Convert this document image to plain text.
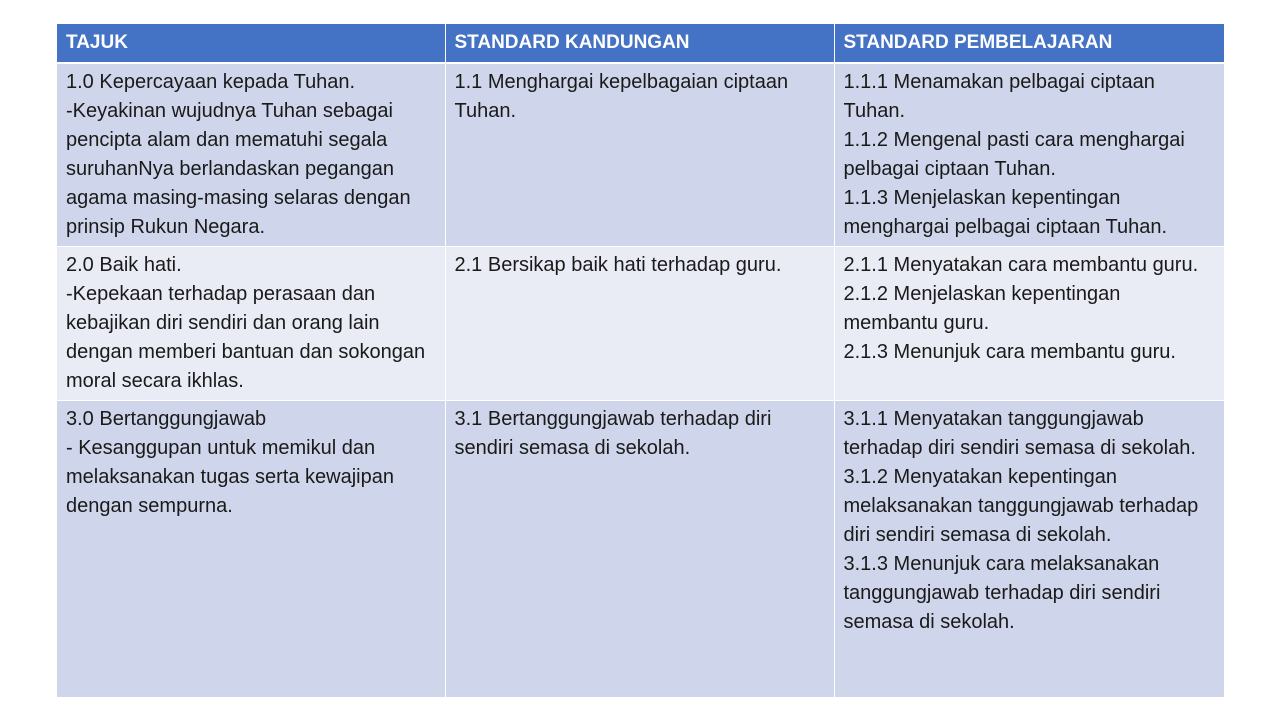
TAJUK	STANDARD KANDUNGAN	STANDARD PEMBELAJARAN

1.0 Kepercayaan kepada Tuhan.
-Keyakinan wujudnya Tuhan sebagai pencipta alam dan mematuhi segala suruhanNya berlandaskan pegangan agama masing-masing selaras dengan prinsip Rukun Negara.	1.1 Menghargai kepelbagaian ciptaan Tuhan.	1.1.1 Menamakan pelbagai ciptaan Tuhan.
1.1.2 Mengenal pasti cara menghargai pelbagai ciptaan Tuhan.
1.1.3 Menjelaskan kepentingan menghargai pelbagai ciptaan Tuhan.

2.0 Baik hati.
-Kepekaan terhadap perasaan dan kebajikan diri sendiri dan orang lain dengan memberi bantuan dan sokongan moral secara ikhlas.	2.1 Bersikap baik hati terhadap guru.	2.1.1 Menyatakan cara membantu guru.
2.1.2 Menjelaskan kepentingan membantu guru.
2.1.3 Menunjuk cara membantu guru.

3.0 Bertanggungjawab
- Kesanggupan untuk memikul dan melaksanakan tugas serta kewajipan dengan sempurna.	3.1 Bertanggungjawab terhadap diri sendiri semasa di sekolah.	3.1.1 Menyatakan tanggungjawab terhadap diri sendiri semasa di sekolah.
3.1.2 Menyatakan kepentingan melaksanakan tanggungjawab terhadap diri sendiri semasa di sekolah.
3.1.3 Menunjuk cara melaksanakan tanggungjawab terhadap diri sendiri semasa di sekolah.
